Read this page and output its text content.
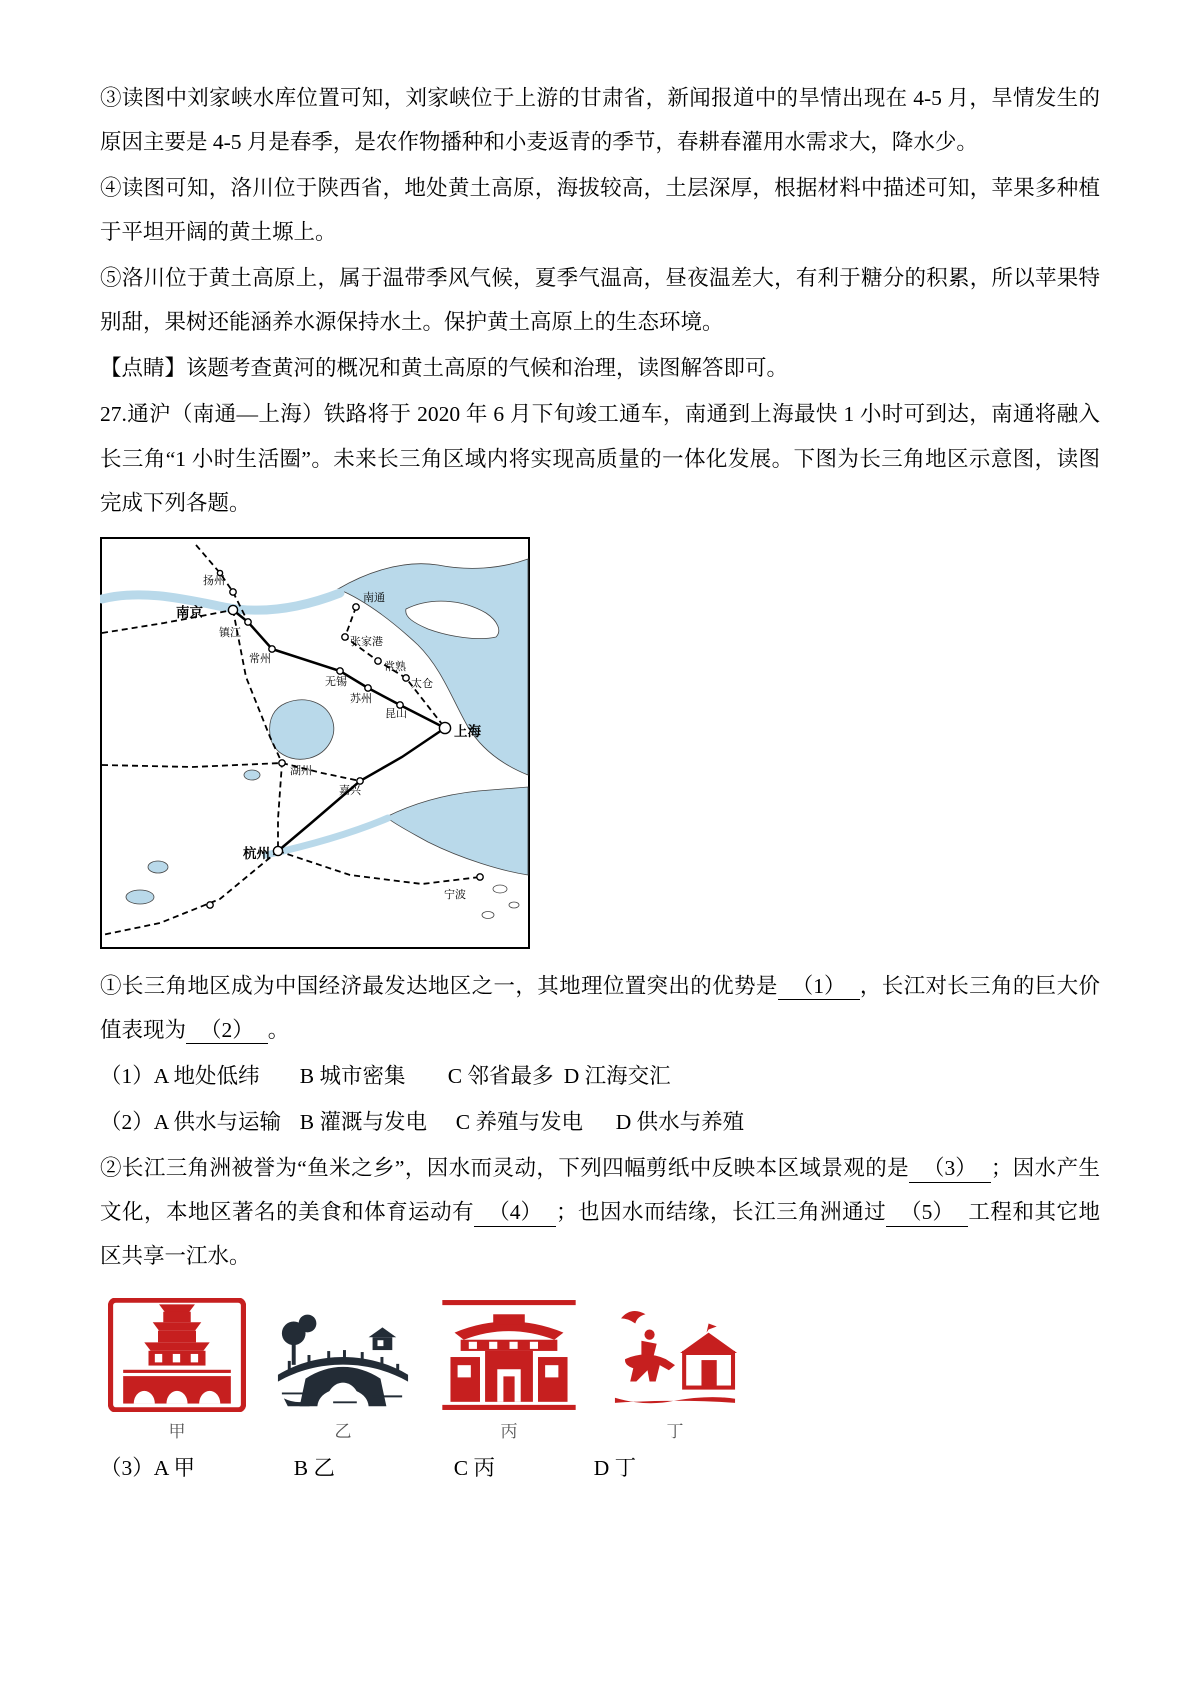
③读图中刘家峡水库位置可知，刘家峡位于上游的甘肃省，新闻报道中的旱情出现在 4-5 月，旱情发生的原因主要是 4-5 月是春季，是农作物播种和小麦返青的季节，春耕春灌用水需求大，降水少。

④读图可知，洛川位于陕西省，地处黄土高原，海拔较高，土层深厚，根据材料中描述可知，苹果多种植于平坦开阔的黄土塬上。

⑤洛川位于黄土高原上，属于温带季风气候，夏季气温高，昼夜温差大，有利于糖分的积累，所以苹果特别甜，果树还能涵养水源保持水土。保护黄土高原上的生态环境。

【点睛】该题考查黄河的概况和黄土高原的气候和治理，读图解答即可。

27.通沪（南通—上海）铁路将于 2020 年 6 月下旬竣工通车，南通到上海最快 1 小时可到达，南通将融入长三角“1 小时生活圈”。未来长三角区域内将实现高质量的一体化发展。下图为长三角地区示意图，读图完成下列各题。

扬州
南京
镇江
常州
南通
张家港
无锡
常熟
太仓
苏州
昆山
上海
湖州
嘉兴
杭州
宁波

①长三角地区成为中国经济最发达地区之一，其地理位置突出的优势是 （1） ，长江对长三角的巨大价值表现为 （2） 。

（1）A 地处低纬 B 城市密集 C 邻省最多 D 江海交汇

（2）A 供水与运输 B 灌溉与发电 C 养殖与发电 D 供水与养殖

②长江三角洲被誉为“鱼米之乡”，因水而灵动，下列四幅剪纸中反映本区域景观的是 （3） ；因水产生文化，本地区著名的美食和体育运动有 （4） ；也因水而结缘，长江三角洲通过 （5） 工程和其它地区共享一江水。

甲	乙	丙	丁

（3）A 甲	B 乙	C 丙	D 丁
